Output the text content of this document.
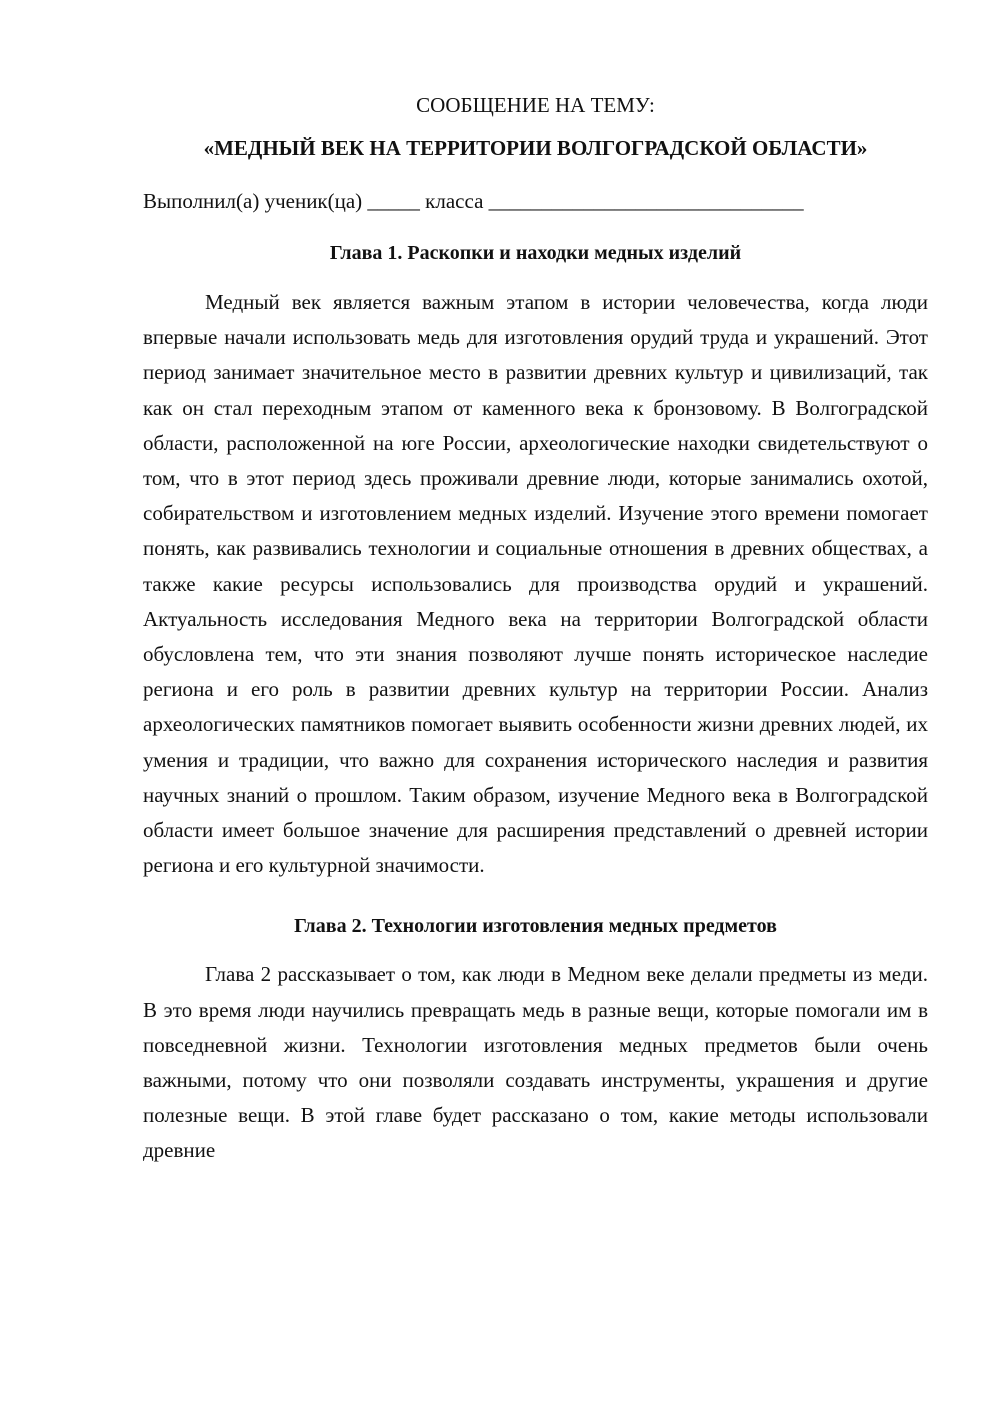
СООБЩЕНИЕ НА ТЕМУ:

«МЕДНЫЙ ВЕК НА ТЕРРИТОРИИ ВОЛГОГРАДСКОЙ ОБЛАСТИ»

Выполнил(а) ученик(ца) _____ класса ______________________________
Глава 1. Раскопки и находки медных изделий

Медный век является важным этапом в истории человечества, когда люди впервые начали использовать медь для изготовления орудий труда и украшений. Этот период занимает значительное место в развитии древних культур и цивилизаций, так как он стал переходным этапом от каменного века к бронзовому. В Волгоградской области, расположенной на юге России, археологические находки свидетельствуют о том, что в этот период здесь проживали древние люди, которые занимались охотой, собирательством и изготовлением медных изделий. Изучение этого времени помогает понять, как развивались технологии и социальные отношения в древних обществах, а также какие ресурсы использовались для производства орудий и украшений. Актуальность исследования Медного века на территории Волгоградской области обусловлена тем, что эти знания позволяют лучше понять историческое наследие региона и его роль в развитии древних культур на территории России. Анализ археологических памятников помогает выявить особенности жизни древних людей, их умения и традиции, что важно для сохранения исторического наследия и развития научных знаний о прошлом. Таким образом, изучение Медного века в Волгоградской области имеет большое значение для расширения представлений о древней истории региона и его культурной значимости.

Глава 2. Технологии изготовления медных предметов

Глава 2 рассказывает о том, как люди в Медном веке делали предметы из меди. В это время люди научились превращать медь в разные вещи, которые помогали им в повседневной жизни. Технологии изготовления медных предметов были очень важными, потому что они позволяли создавать инструменты, украшения и другие полезные вещи. В этой главе будет рассказано о том, какие методы использовали древние
